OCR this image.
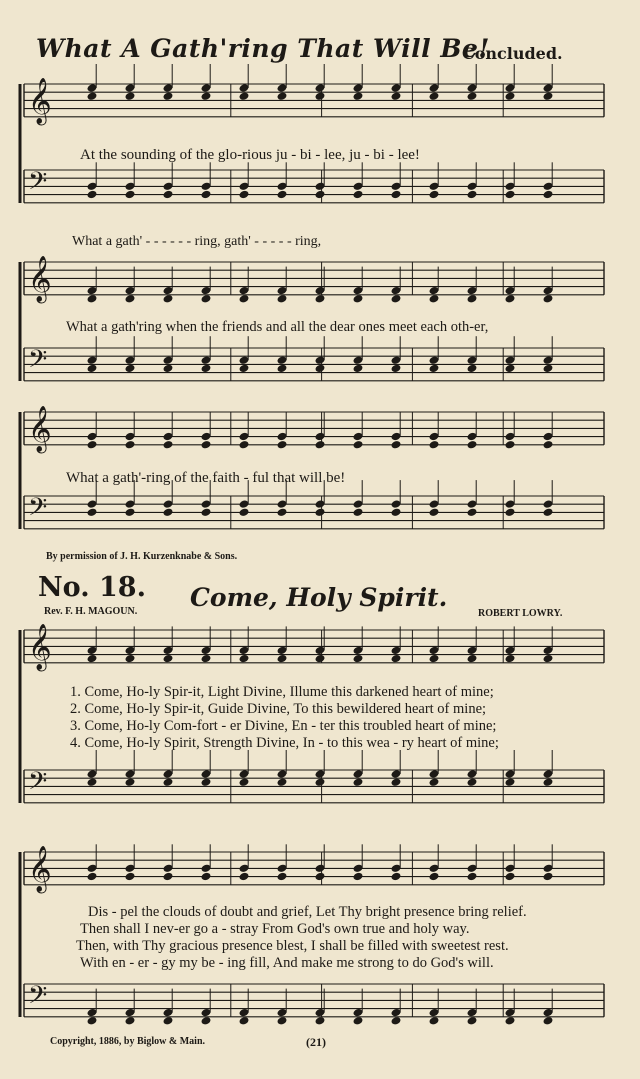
𝄞
𝄢
𝄞
𝄢
𝄞
𝄢
𝄞
𝄢
𝄞
𝄢
What A Gath'ring That Will Be!
Concluded.
At the sounding of the glo-rious ju - bi - lee, ju - bi - lee!
What a gath' - - - - - - ring, gath' - - - - - ring,
What a gath'ring when the friends and all the dear ones meet each oth-er,
What a gath'-ring of the faith - ful that will be!
By permission of J. H. Kurzenknabe & Sons.
No. 18. Come, Holy Spirit.
Rev. F. H. MAGOUN.	ROBERT LOWRY.
1. Come, Ho-ly Spir-it, Light Divine, Illume this darkened heart of mine;
2. Come, Ho-ly Spir-it, Guide Divine, To this bewildered heart of mine;
3. Come, Ho-ly Com-fort - er Divine, En - ter this troubled heart of mine;
4. Come, Ho-ly Spirit, Strength Divine, In - to this wea - ry heart of mine;
Dis - pel the clouds of doubt and grief, Let Thy bright presence bring relief.
Then shall I nev-er go a - stray From God's own true and holy way.
Then, with Thy gracious presence blest, I shall be filled with sweetest rest.
With en - er - gy my be - ing fill, And make me strong to do God's will.
Copyright, 1886, by Biglow & Main.	(21)
